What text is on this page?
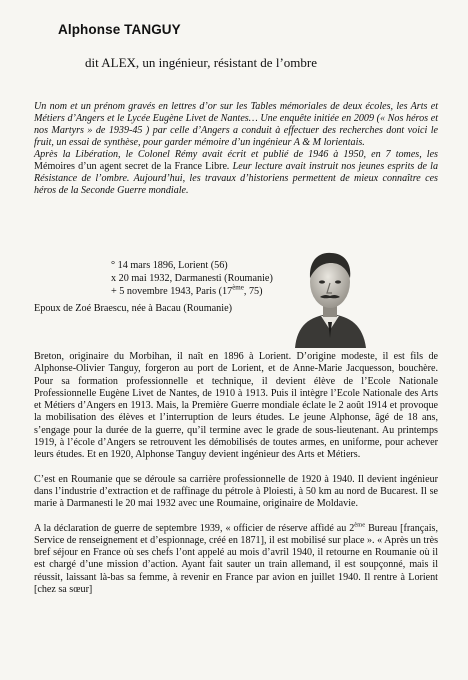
Alphonse TANGUY
dit ALEX, un ingénieur, résistant de l’ombre

Un nom et un prénom gravés en lettres d’or sur les Tables mémoriales de deux écoles, les Arts et Métiers d’Angers et le Lycée Eugène Livet de Nantes… Une enquête initiée en 2009 (« Nos héros et nos Martyrs » de 1939-45 ) par celle d’Angers a conduit à effectuer des recherches dont voici le fruit, un essai de synthèse, pour garder mémoire d’un ingénieur A & M lorientais.

Après la Libération, le Colonel Rémy avait écrit et publié de 1946 à 1950, en 7 tomes, les Mémoires d’un agent secret de la France Libre. Leur lecture avait instruit nos jeunes esprits de la Résistance de l’ombre. Aujourd’hui, les travaux d’historiens permettent de mieux connaître ces héros de la Seconde Guerre mondiale.

° 14 mars 1896, Lorient (56)
x 20 mai 1932, Darmanesti (Roumanie)
+ 5 novembre 1943, Paris (17ème, 75)
Epoux de Zoé Braescu, née à Bacau (Roumanie)

Breton, originaire du Morbihan, il naît en 1896 à Lorient. D’origine modeste, il est fils de Alphonse-Olivier Tanguy, forgeron au port de Lorient, et de Anne-Marie Jacquesson, bouchère. Pour sa formation professionnelle et technique, il devient élève de l’Ecole Nationale Professionnelle Eugène Livet de Nantes, de 1910 à 1913. Puis il intègre l’Ecole Nationale des Arts et Métiers d’Angers en 1913. Mais, la Première Guerre mondiale éclate le 2 août 1914 et provoque la mobilisation des élèves et l’interruption de leurs études. Le jeune Alphonse, âgé de 18 ans, s’engage pour la durée de la guerre, qu’il termine avec le grade de sous-lieutenant. Au printemps 1919, à l’école d’Angers se retrouvent les démobilisés de toutes armes, en uniforme, pour achever leurs études. Et en 1920, Alphonse Tanguy devient ingénieur des Arts et Métiers.

C’est en Roumanie que se déroule sa carrière professionnelle de 1920 à 1940. Il devient ingénieur dans l’industrie d’extraction et de raffinage du pétrole à Ploiesti, à 50 km au nord de Bucarest. Il se marie à Darmanesti le 20 mai 1932 avec une Roumaine, originaire de Moldavie.

A la déclaration de guerre de septembre 1939, « officier de réserve affidé au 2ème Bureau [français, Service de renseignement et d’espionnage, créé en 1871], il est mobilisé sur place ». « Après un très bref séjour en France où ses chefs l’ont appelé au mois d’avril 1940, il retourne en Roumanie où il est chargé d’une mission d’action. Ayant fait sauter un train allemand, il est soupçonné, mais il réussit, laissant là-bas sa femme, à revenir en France par avion en juillet 1940. Il rentre à Lorient [chez sa sœur]
